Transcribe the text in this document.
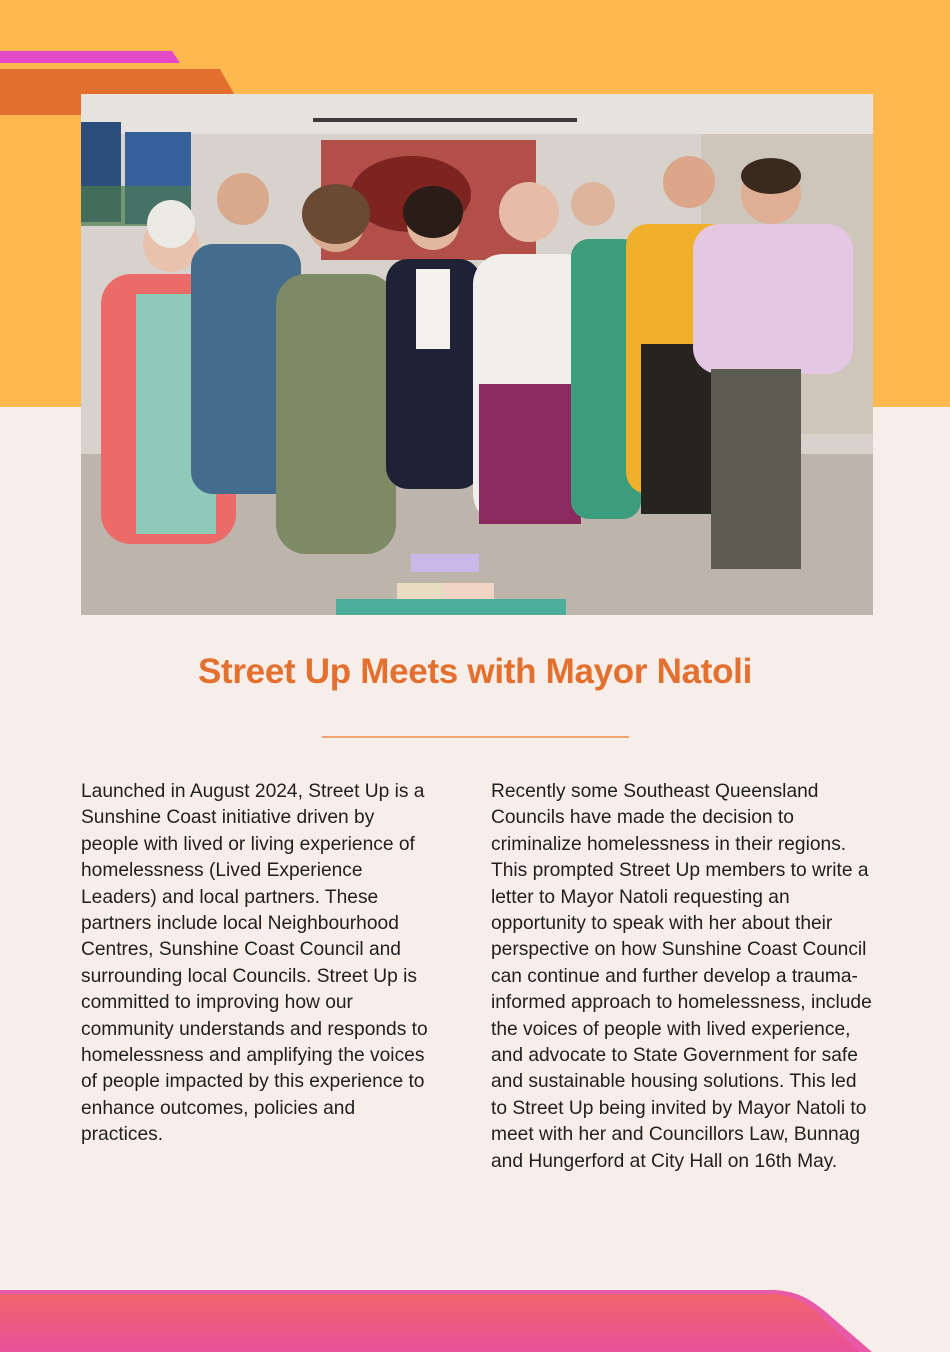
Street Up Meets with Mayor Natoli
Launched in August 2024, Street Up is a Sunshine Coast initiative driven by people with lived or living experience of homelessness (Lived Experience Leaders) and local partners. These partners include local Neighbourhood Centres, Sunshine Coast Council and surrounding local Councils. Street Up is committed to improving how our community understands and responds to homelessness and amplifying the voices of people impacted by this experience to enhance outcomes, policies and practices.
Recently some Southeast Queensland Councils have made the decision to criminalize homelessness in their regions. This prompted Street Up members to write a letter to Mayor Natoli requesting an opportunity to speak with her about their perspective on how Sunshine Coast Council can continue and further develop a trauma-informed approach to homelessness, include the voices of people with lived experience, and advocate to State Government for safe and sustainable housing solutions. This led to Street Up being invited by Mayor Natoli to meet with her and Councillors Law, Bunnag and Hungerford at City Hall on 16th May.
